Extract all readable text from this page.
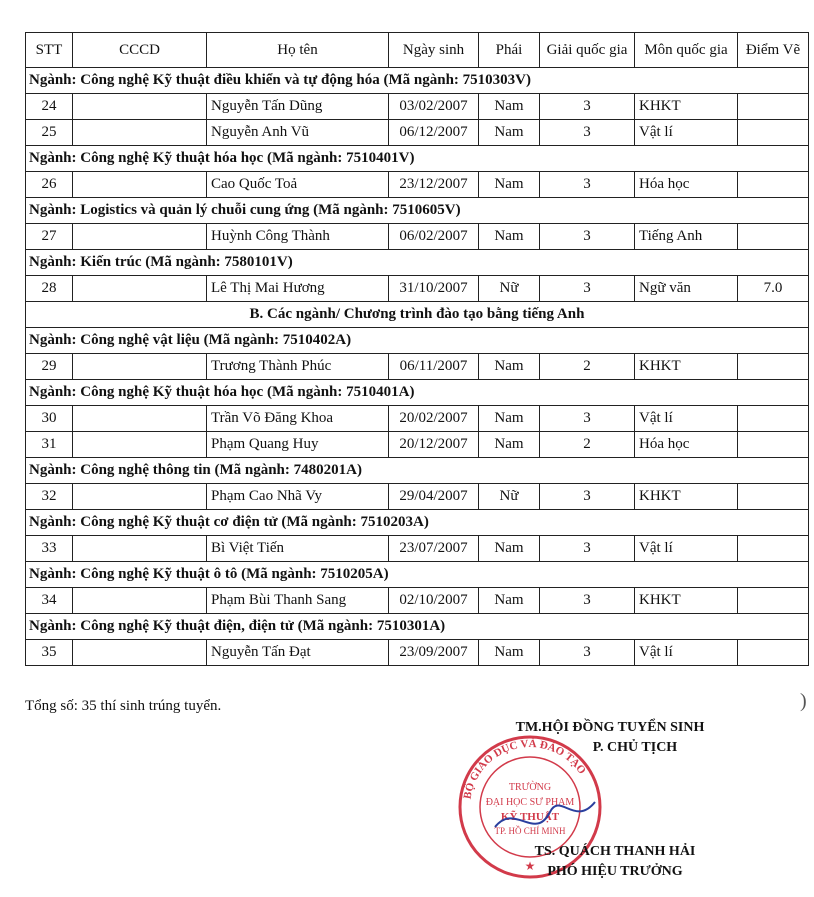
STT	CCCD	Họ tên	Ngày sinh	Phái	Giải quốc gia	Môn quốc gia	Điểm Vẽ
Ngành: Công nghệ Kỹ thuật điều khiển và tự động hóa (Mã ngành: 7510303V)							
24		Nguyễn Tấn Dũng	03/02/2007	Nam	3	KHKT	
25		Nguyễn Anh Vũ	06/12/2007	Nam	3	Vật lí	
Ngành: Công nghệ Kỹ thuật hóa học (Mã ngành: 7510401V)							
26		Cao Quốc Toả	23/12/2007	Nam	3	Hóa học	
Ngành: Logistics và quản lý chuỗi cung ứng (Mã ngành: 7510605V)							
27		Huỳnh Công Thành	06/02/2007	Nam	3	Tiếng Anh	
Ngành: Kiến trúc (Mã ngành: 7580101V)							
28		Lê Thị Mai Hương	31/10/2007	Nữ	3	Ngữ văn	7.0
B. Các ngành/ Chương trình đào tạo bằng tiếng Anh							
Ngành: Công nghệ vật liệu (Mã ngành: 7510402A)							
29		Trương Thành Phúc	06/11/2007	Nam	2	KHKT	
Ngành: Công nghệ Kỹ thuật hóa học (Mã ngành: 7510401A)							
30		Trần Võ Đăng Khoa	20/02/2007	Nam	3	Vật lí	
31		Phạm Quang Huy	20/12/2007	Nam	2	Hóa học	
Ngành: Công nghệ thông tin (Mã ngành: 7480201A)							
32		Phạm Cao Nhã Vy	29/04/2007	Nữ	3	KHKT	
Ngành: Công nghệ Kỹ thuật cơ điện tử (Mã ngành: 7510203A)							
33		Bì Việt Tiến	23/07/2007	Nam	3	Vật lí	
Ngành: Công nghệ Kỹ thuật ô tô (Mã ngành: 7510205A)							
34		Phạm Bùi Thanh Sang	02/10/2007	Nam	3	KHKT	
Ngành: Công nghệ Kỹ thuật điện, điện tử (Mã ngành: 7510301A)							
35		Nguyễn Tấn Đạt	23/09/2007	Nam	3	Vật lí	
Tổng số: 35 thí sinh trúng tuyển.
BỘ GIÁO DỤC VÀ ĐÀO TẠO
TRƯỜNG
ĐẠI HỌC SƯ PHẠM
KỸ THUẬT
TP. HỒ CHÍ MINH
★
TM.HỘI ĐỒNG TUYỂN SINH
P. CHỦ TỊCH
TS. QUÁCH THANH HẢI
PHÓ HIỆU TRƯỞNG
)
